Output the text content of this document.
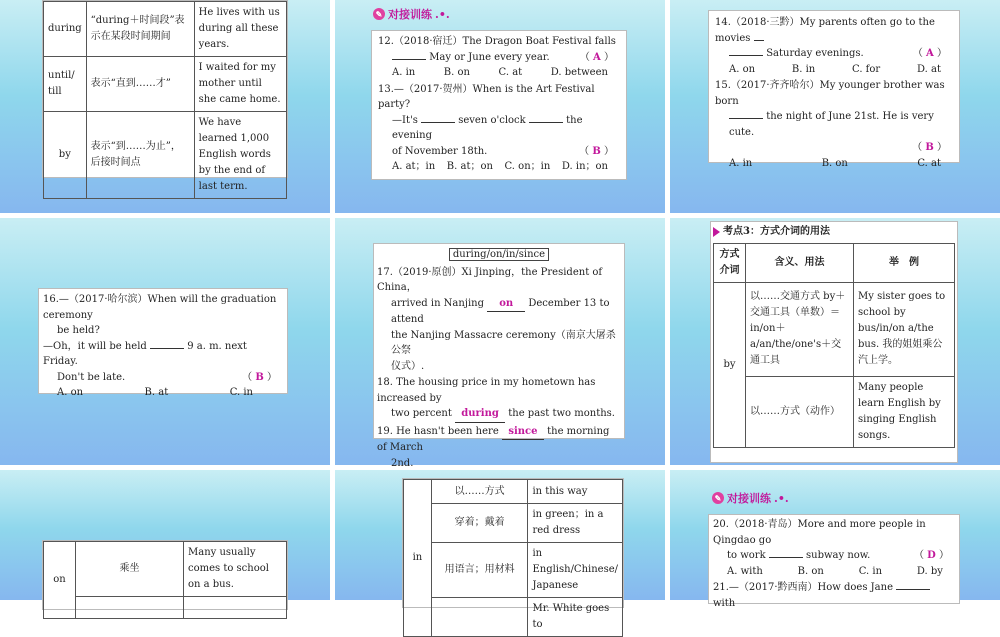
during	“during＋时间段”表示在某段时间期间	He lives with us during all these years.
until/
till	表示“直到……才”	I waited for my mother until she came home.
by	表示“到……为止”，后接时间点	We have learned 1,000 English words by the end of last term.
✎ 对接训练 .•.
12.（2018·宿迁）The Dragon Boat Festival falls
May or June every year.	（ A ）
A. in	B. on	C. at	D. between
13.—（2017·贺州）When is the Art Festival party?
—It's	seven o'clock	the evening
of November 18th.	（ B ）
A. at；in B. at；on C. on；in D. in；on
14.（2018·三黔）My parents often go to the movies
Saturday evenings.	（ A ）
A. on	B. in	C. for	D. at
15.（2017·齐齐哈尔）My younger brother was born
the night of June 21st. He is very cute.
（ B ）
A. in	B. on	C. at
16.—（2017·哈尔滨）When will the graduation ceremony
be held?
—Oh，it will be held	9 a. m. next Friday.
Don't be late.	（ B ）
A. on	B. at	C. in
during/on/in/since
17.（2019·原创）Xi Jinping，the President of China，
arrived in Nanjing on December 13 to attend
the Nanjing Massacre ceremony（南京大屠杀公祭
仪式）.
18. The housing price in my hometown has increased by
two percent during the past two months.
19. He hasn't been here since the morning of March
2nd.
考点3：方式介词的用法
方式介词	含义、用法	举　例
by	以……交通方式 by＋交通工具（单数）＝in/on＋a/an/the/one's＋交通工具	My sister goes to school by bus/in/on a/the bus. 我的姐姐乘公汽上学。
	以……方式（动作）	Many people learn English by singing English songs.
on	乘坐	Many usually comes to school on a bus.

in	以……方式	in this way
	穿着；戴着	in green；in a red dress
	用语言；用材料	in English/Chinese/ Japanese
		Mr. White goes to
✎ 对接训练 .•.
20.（2018·青岛）More and more people in Qingdao go
to work	subway now.	（ D ）
A. with	B. on	C. in	D. by
21.—（2017·黔西南）How does Jane  with
